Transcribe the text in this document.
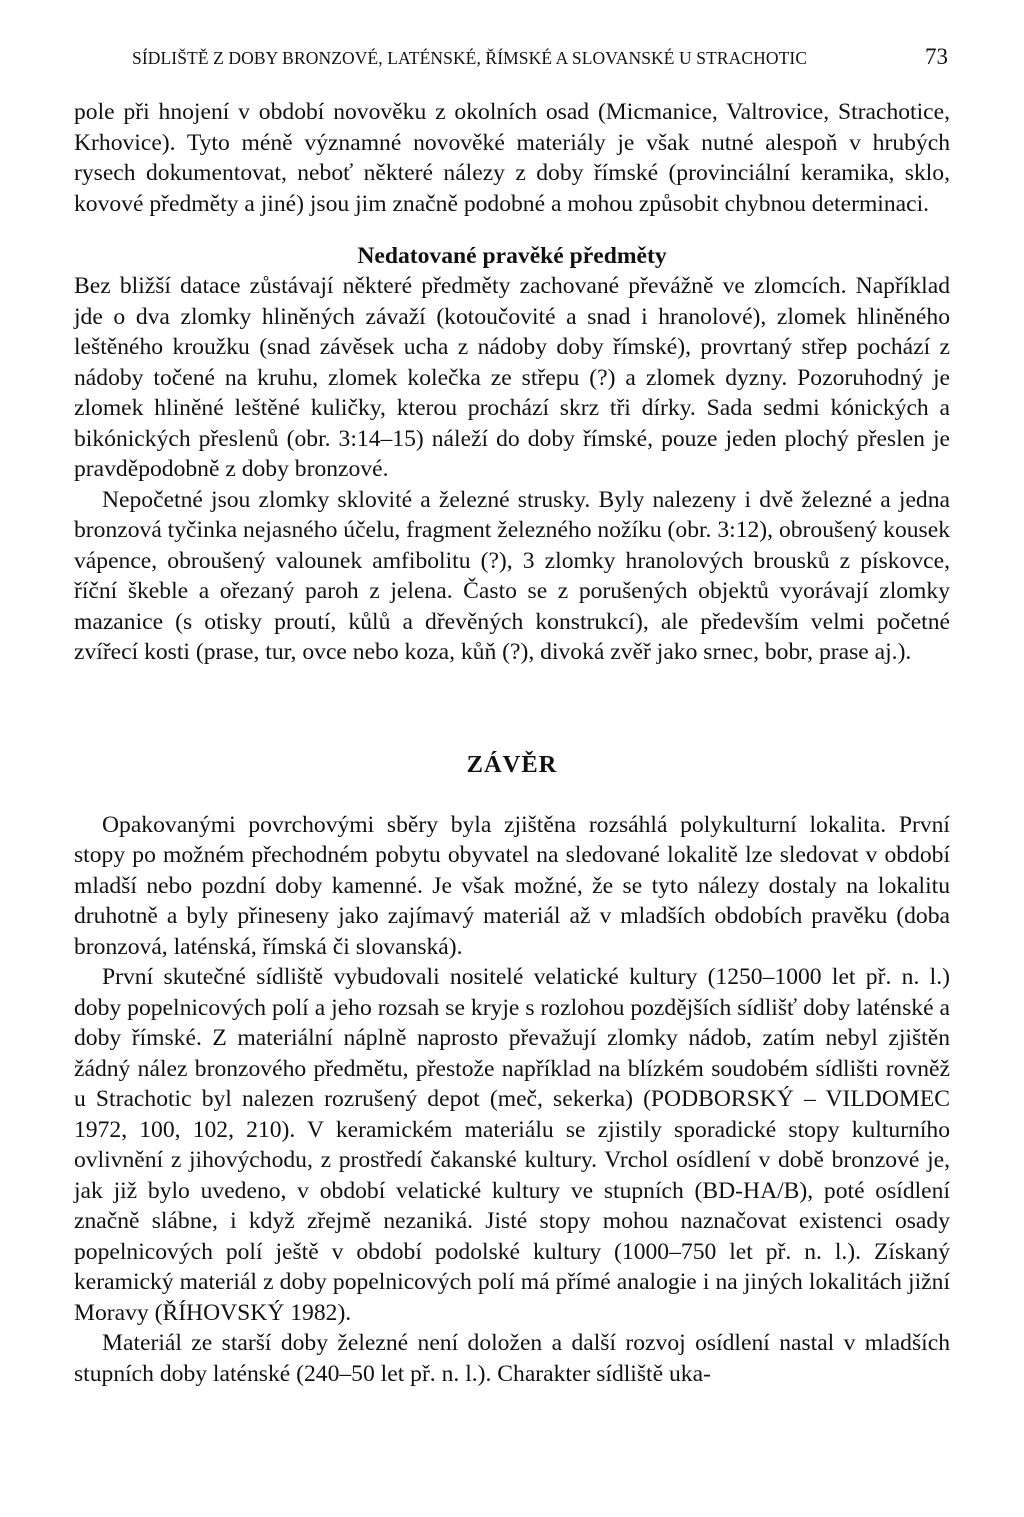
SÍDLIŠTĚ Z DOBY BRONZOVÉ, LATÉNSKÉ, ŘÍMSKÉ A SLOVANSKÉ U STRACHOTIC	73

pole při hnojení v období novověku z okolních osad (Micmanice, Valtrovice, Strachotice, Krhovice). Tyto méně významné novověké materiály je však nutné alespoň v hrubých rysech dokumentovat, neboť některé nálezy z doby římské (provinciální keramika, sklo, kovové předměty a jiné) jsou jim značně podobné a mohou způsobit chybnou determinaci.

Nedatované pravěké předměty

Bez bližší datace zůstávají některé předměty zachované převážně ve zlomcích. Například jde o dva zlomky hliněných závaží (kotoučovité a snad i hranolové), zlomek hliněného leštěného kroužku (snad závěsek ucha z nádoby doby římské), provrtaný střep pochází z nádoby točené na kruhu, zlomek kolečka ze střepu (?) a zlomek dyzny. Pozoruhodný je zlomek hliněné leštěné kuličky, kterou prochází skrz tři dírky. Sada sedmi kónických a bikónických přeslenů (obr. 3:14–15) náleží do doby římské, pouze jeden plochý přeslen je pravděpodobně z doby bronzové.

Nepočetné jsou zlomky sklovité a železné strusky. Byly nalezeny i dvě železné a jedna bronzová tyčinka nejasného účelu, fragment železného nožíku (obr. 3:12), obroušený kousek vápence, obroušený valounek amfibolitu (?), 3 zlomky hranolových brousků z pískovce, říční škeble a ořezaný paroh z jelena. Často se z porušených objektů vyorávají zlomky mazanice (s otisky proutí, kůlů a dřevěných konstrukcí), ale především velmi početné zvířecí kosti (prase, tur, ovce nebo koza, kůň (?), divoká zvěř jako srnec, bobr, prase aj.).

ZÁVĚR

Opakovanými povrchovými sběry byla zjištěna rozsáhlá polykulturní lokalita. První stopy po možném přechodném pobytu obyvatel na sledované lokalitě lze sledovat v období mladší nebo pozdní doby kamenné. Je však možné, že se tyto nálezy dostaly na lokalitu druhotně a byly přineseny jako zajímavý materiál až v mladších obdobích pravěku (doba bronzová, laténská, římská či slovanská).

První skutečné sídliště vybudovali nositelé velatické kultury (1250–1000 let př. n. l.) doby popelnicových polí a jeho rozsah se kryje s rozlohou pozdějších sídlišť doby laténské a doby římské. Z materiální náplně naprosto převažují zlomky nádob, zatím nebyl zjištěn žádný nález bronzového předmětu, přestože například na blízkém soudobém sídlišti rovněž u Strachotic byl nalezen rozrušený depot (meč, sekerka) (PODBORSKÝ – VILDOMEC 1972, 100, 102, 210). V keramickém materiálu se zjistily sporadické stopy kulturního ovlivnění z jihovýchodu, z prostředí čakanské kultury. Vrchol osídlení v době bronzové je, jak již bylo uvedeno, v období velatické kultury ve stupních (BD-HA/B), poté osídlení značně slábne, i když zřejmě nezaniká. Jisté stopy mohou naznačovat existenci osady popelnicových polí ještě v období podolské kultury (1000–750 let př. n. l.). Získaný keramický materiál z doby popelnicových polí má přímé analogie i na jiných lokalitách jižní Moravy (ŘÍHOVSKÝ 1982).

Materiál ze starší doby železné není doložen a další rozvoj osídlení nastal v mladších stupních doby laténské (240–50 let př. n. l.). Charakter sídliště uka-
